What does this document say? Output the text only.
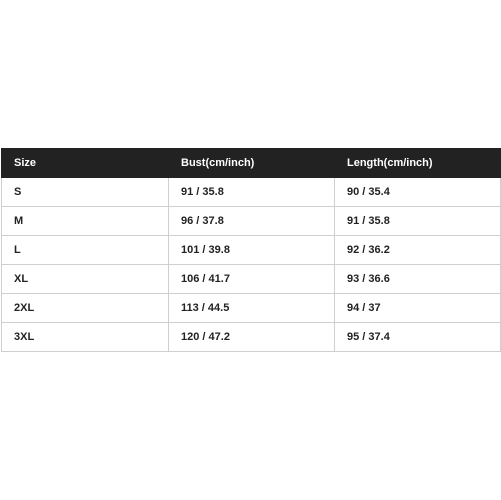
Size	Bust(cm/inch)	Length(cm/inch)
S	91 / 35.8	90 / 35.4
M	96 / 37.8	91 / 35.8
L	101 / 39.8	92 / 36.2
XL	106 / 41.7	93 / 36.6
2XL	113 / 44.5	94 / 37
3XL	120 / 47.2	95 / 37.4
